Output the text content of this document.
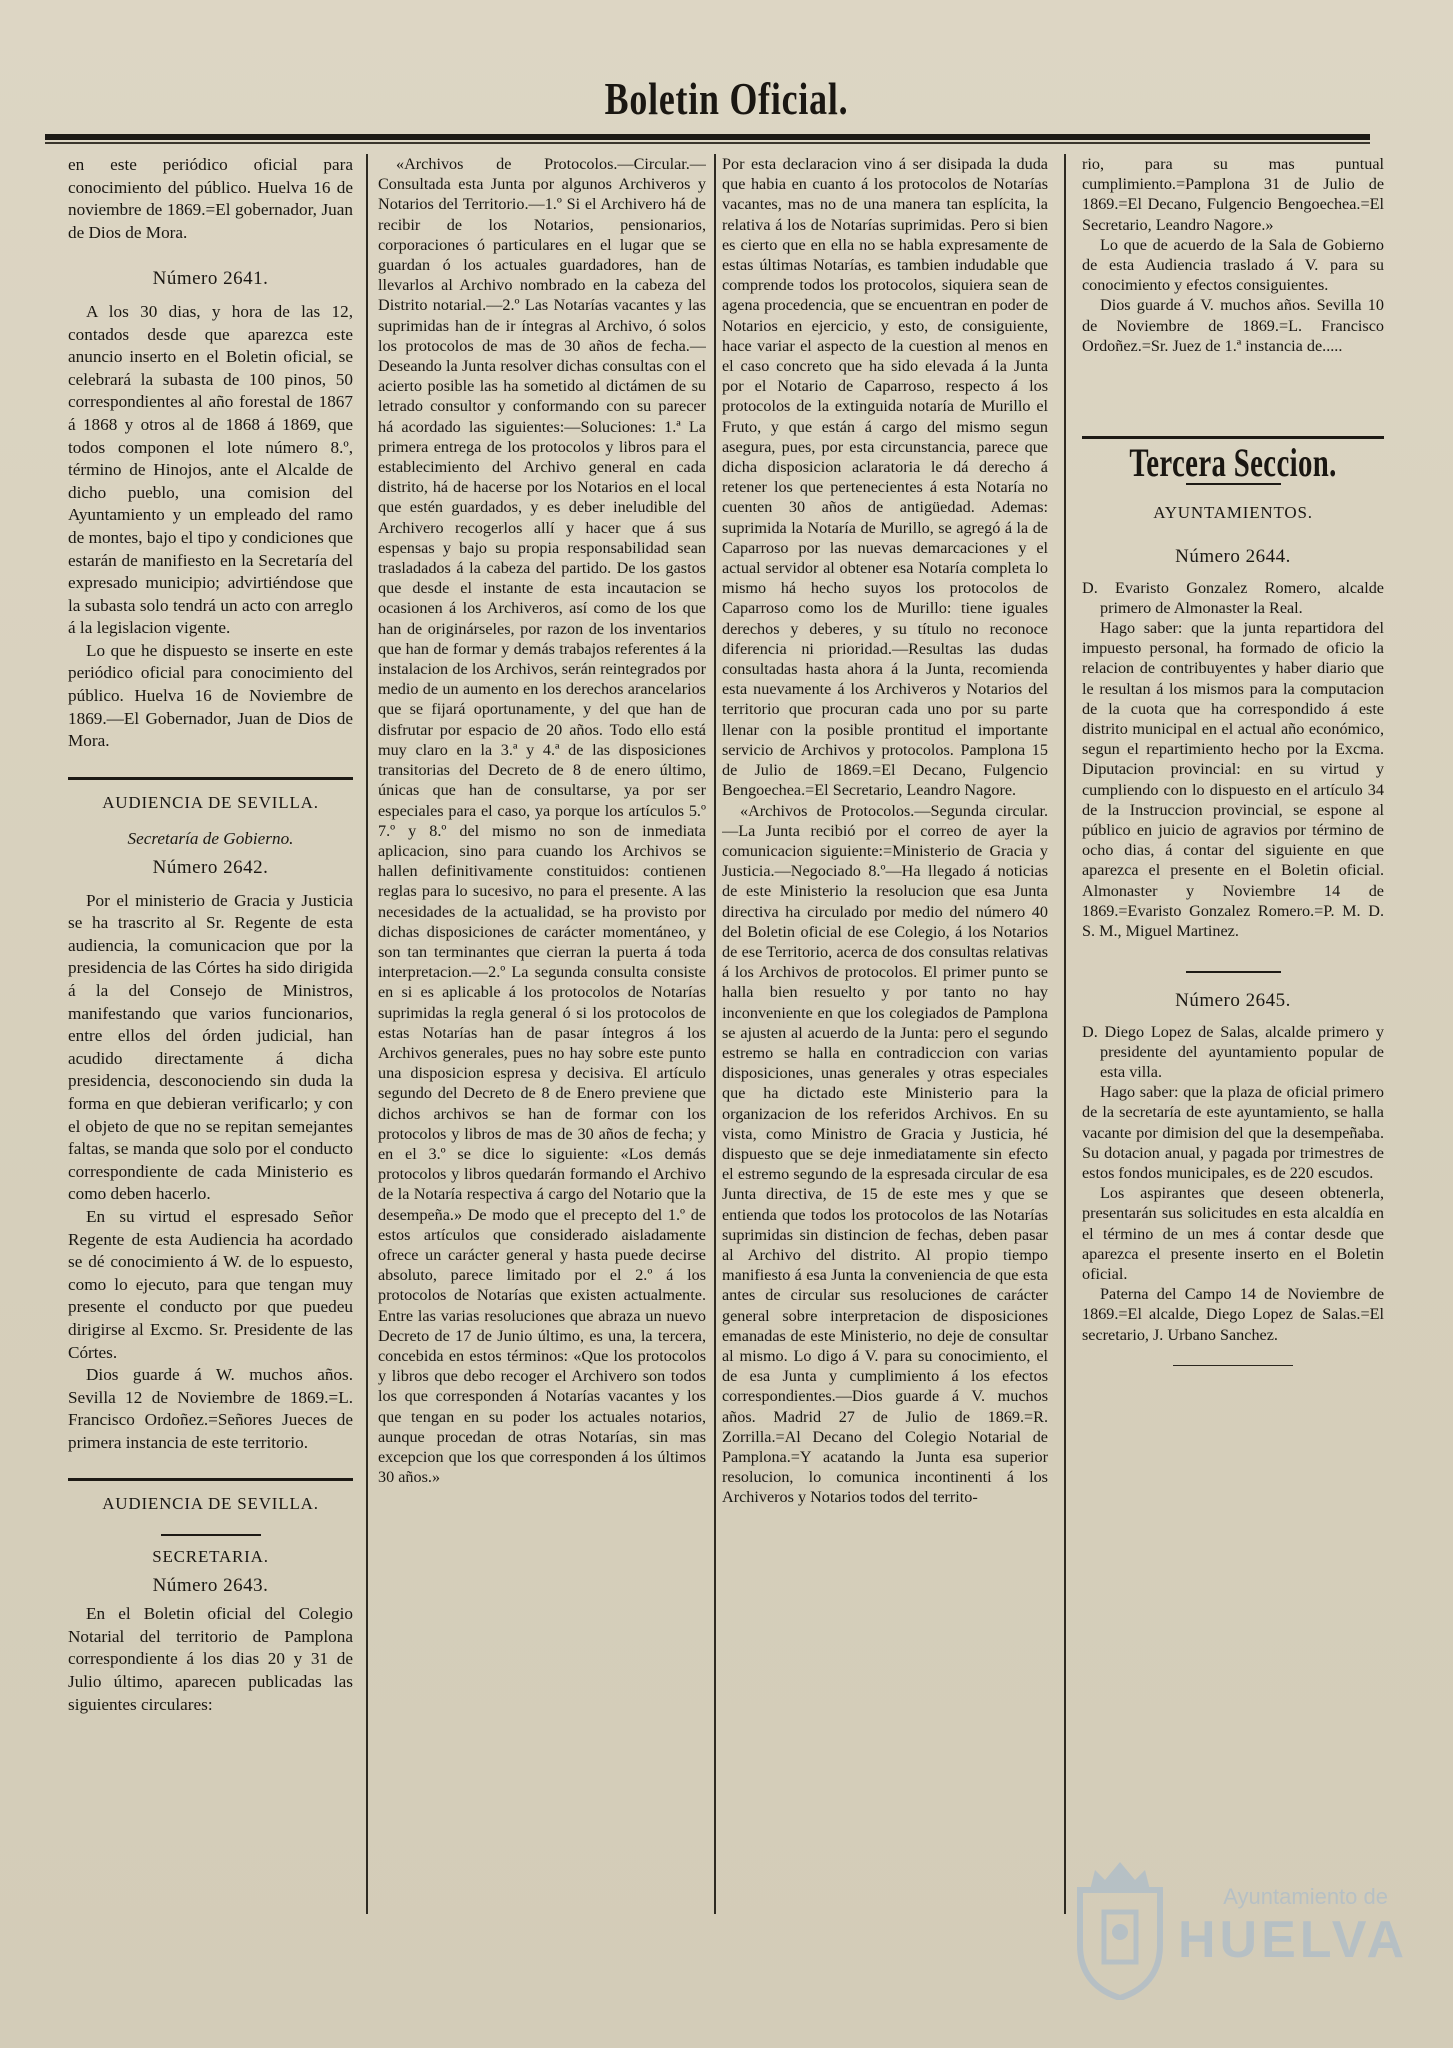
Boletin Oficial.

en este periódico oficial para conocimiento del público. Huelva 16 de noviembre de 1869.=El gobernador, Juan de Dios de Mora.

Número 2641.

A los 30 dias, y hora de las 12, contados desde que aparezca este anuncio inserto en el Boletin oficial, se celebrará la subasta de 100 pinos, 50 correspondientes al año forestal de 1867 á 1868 y otros al de 1868 á 1869, que todos componen el lote número 8.º, término de Hinojos, ante el Alcalde de dicho pueblo, una comision del Ayuntamiento y un empleado del ramo de montes, bajo el tipo y condiciones que estarán de manifiesto en la Secretaría del expresado municipio; advirtiéndose que la subasta solo tendrá un acto con arreglo á la legislacion vigente.

Lo que he dispuesto se inserte en este periódico oficial para conocimiento del público. Huelva 16 de Noviembre de 1869.—El Gobernador, Juan de Dios de Mora.

AUDIENCIA DE SEVILLA.
Secretaría de Gobierno.
Número 2642.

Por el ministerio de Gracia y Justicia se ha trascrito al Sr. Regente de esta audiencia, la comunicacion que por la presidencia de las Córtes ha sido dirigida á la del Consejo de Ministros, manifestando que varios funcionarios, entre ellos del órden judicial, han acudido directamente á dicha presidencia, desconociendo sin duda la forma en que debieran verificarlo; y con el objeto de que no se repitan semejantes faltas, se manda que solo por el conducto correspondiente de cada Ministerio es como deben hacerlo.

En su virtud el espresado Señor Regente de esta Audiencia ha acordado se dé conocimiento á W. de lo espuesto, como lo ejecuto, para que tengan muy presente el conducto por que puedeu dirigirse al Excmo. Sr. Presidente de las Córtes.

Dios guarde á W. muchos años. Sevilla 12 de Noviembre de 1869.=L. Francisco Ordoñez.=Señores Jueces de primera instancia de este territorio.

AUDIENCIA DE SEVILLA.
SECRETARIA.
Número 2643.

En el Boletin oficial del Colegio Notarial del territorio de Pamplona correspondiente á los dias 20 y 31 de Julio último, aparecen publicadas las siguientes circulares:

«Archivos de Protocolos.—Circular.—Consultada esta Junta por algunos Archiveros y Notarios del Territorio.—1.º Si el Archivero há de recibir de los Notarios, pensionarios, corporaciones ó particulares en el lugar que se guardan ó los actuales guardadores, han de llevarlos al Archivo nombrado en la cabeza del Distrito notarial.—2.º Las Notarías vacantes y las suprimidas han de ir íntegras al Archivo, ó solos los protocolos de mas de 30 años de fecha.—Deseando la Junta resolver dichas consultas con el acierto posible las ha sometido al dictámen de su letrado consultor y conformando con su parecer há acordado las siguientes:—Soluciones: 1.ª La primera entrega de los protocolos y libros para el establecimiento del Archivo general en cada distrito, há de hacerse por los Notarios en el local que estén guardados, y es deber ineludible del Archivero recogerlos allí y hacer que á sus espensas y bajo su propia responsabilidad sean trasladados á la cabeza del partido. De los gastos que desde el instante de esta incautacion se ocasionen á los Archiveros, así como de los que han de originárseles, por razon de los inventarios que han de formar y demás trabajos referentes á la instalacion de los Archivos, serán reintegrados por medio de un aumento en los derechos arancelarios que se fijará oportunamente, y del que han de disfrutar por espacio de 20 años. Todo ello está muy claro en la 3.ª y 4.ª de las disposiciones transitorias del Decreto de 8 de enero último, únicas que han de consultarse, ya por ser especiales para el caso, ya porque los artículos 5.º 7.º y 8.º del mismo no son de inmediata aplicacion, sino para cuando los Archivos se hallen definitivamente constituidos: contienen reglas para lo sucesivo, no para el presente. A las necesidades de la actualidad, se ha provisto por dichas disposiciones de carácter momentáneo, y son tan terminantes que cierran la puerta á toda interpretacion.—2.º La segunda consulta consiste en si es aplicable á los protocolos de Notarías suprimidas la regla general ó si los protocolos de estas Notarías han de pasar íntegros á los Archivos generales, pues no hay sobre este punto una disposicion espresa y decisiva. El artículo segundo del Decreto de 8 de Enero previene que dichos archivos se han de formar con los protocolos y libros de mas de 30 años de fecha; y en el 3.º se dice lo siguiente: «Los demás protocolos y libros quedarán formando el Archivo de la Notaría respectiva á cargo del Notario que la desempeña.» De modo que el precepto del 1.º de estos artículos que considerado aisladamente ofrece un carácter general y hasta puede decirse absoluto, parece limitado por el 2.º á los protocolos de Notarías que existen actualmente. Entre las varias resoluciones que abraza un nuevo Decreto de 17 de Junio último, es una, la tercera, concebida en estos términos: «Que los protocolos y libros que debo recoger el Archivero son todos los que corresponden á Notarías vacantes y los que tengan en su poder los actuales notarios, aunque procedan de otras Notarías, sin mas excepcion que los que corresponden á los últimos 30 años.»

Por esta declaracion vino á ser disipada la duda que habia en cuanto á los protocolos de Notarías vacantes, mas no de una manera tan esplícita, la relativa á los de Notarías suprimidas. Pero si bien es cierto que en ella no se habla expresamente de estas últimas Notarías, es tambien indudable que comprende todos los protocolos, siquiera sean de agena procedencia, que se encuentran en poder de Notarios en ejercicio, y esto, de consiguiente, hace variar el aspecto de la cuestion al menos en el caso concreto que ha sido elevada á la Junta por el Notario de Caparroso, respecto á los protocolos de la extinguida notaría de Murillo el Fruto, y que están á cargo del mismo segun asegura, pues, por esta circunstancia, parece que dicha disposicion aclaratoria le dá derecho á retener los que pertenecientes á esta Notaría no cuenten 30 años de antigüedad. Ademas: suprimida la Notaría de Murillo, se agregó á la de Caparroso por las nuevas demarcaciones y el actual servidor al obtener esa Notaría completa lo mismo há hecho suyos los protocolos de Caparroso como los de Murillo: tiene iguales derechos y deberes, y su título no reconoce diferencia ni prioridad.—Resultas las dudas consultadas hasta ahora á la Junta, recomienda esta nuevamente á los Archiveros y Notarios del territorio que procuran cada uno por su parte llenar con la posible prontitud el importante servicio de Archivos y protocolos. Pamplona 15 de Julio de 1869.=El Decano, Fulgencio Bengoechea.=El Secretario, Leandro Nagore.

«Archivos de Protocolos.—Segunda circular.—La Junta recibió por el correo de ayer la comunicacion siguiente:=Ministerio de Gracia y Justicia.—Negociado 8.º—Ha llegado á noticias de este Ministerio la resolucion que esa Junta directiva ha circulado por medio del número 40 del Boletin oficial de ese Colegio, á los Notarios de ese Territorio, acerca de dos consultas relativas á los Archivos de protocolos. El primer punto se halla bien resuelto y por tanto no hay inconveniente en que los colegiados de Pamplona se ajusten al acuerdo de la Junta: pero el segundo estremo se halla en contradiccion con varias disposiciones, unas generales y otras especiales que ha dictado este Ministerio para la organizacion de los referidos Archivos. En su vista, como Ministro de Gracia y Justicia, hé dispuesto que se deje inmediatamente sin efecto el estremo segundo de la espresada circular de esa Junta directiva, de 15 de este mes y que se entienda que todos los protocolos de las Notarías suprimidas sin distincion de fechas, deben pasar al Archivo del distrito. Al propio tiempo manifiesto á esa Junta la conveniencia de que esta antes de circular sus resoluciones de carácter general sobre interpretacion de disposiciones emanadas de este Ministerio, no deje de consultar al mismo. Lo digo á V. para su conocimiento, el de esa Junta y cumplimiento á los efectos correspondientes.—Dios guarde á V. muchos años. Madrid 27 de Julio de 1869.=R. Zorrilla.=Al Decano del Colegio Notarial de Pamplona.=Y acatando la Junta esa superior resolucion, lo comunica incontinenti á los Archiveros y Notarios todos del territo-

rio, para su mas puntual cumplimiento.=Pamplona 31 de Julio de 1869.=El Decano, Fulgencio Bengoechea.=El Secretario, Leandro Nagore.»

Lo que de acuerdo de la Sala de Gobierno de esta Audiencia traslado á V. para su conocimiento y efectos consiguientes.

Dios guarde á V. muchos años. Sevilla 10 de Noviembre de 1869.=L. Francisco Ordoñez.=Sr. Juez de 1.ª instancia de.....

Tercera Seccion.
AYUNTAMIENTOS.
Número 2644.

D. Evaristo Gonzalez Romero, alcalde primero de Almonaster la Real.

Hago saber: que la junta repartidora del impuesto personal, ha formado de oficio la relacion de contribuyentes y haber diario que le resultan á los mismos para la computacion de la cuota que ha correspondido á este distrito municipal en el actual año económico, segun el repartimiento hecho por la Excma. Diputacion provincial: en su virtud y cumpliendo con lo dispuesto en el artículo 34 de la Instruccion provincial, se espone al público en juicio de agravios por término de ocho dias, á contar del siguiente en que aparezca el presente en el Boletin oficial. Almonaster y Noviembre 14 de 1869.=Evaristo Gonzalez Romero.=P. M. D. S. M., Miguel Martinez.

Número 2645.

D. Diego Lopez de Salas, alcalde primero y presidente del ayuntamiento popular de esta villa.

Hago saber: que la plaza de oficial primero de la secretaría de este ayuntamiento, se halla vacante por dimision del que la desempeñaba. Su dotacion anual, y pagada por trimestres de estos fondos municipales, es de 220 escudos.

Los aspirantes que deseen obtenerla, presentarán sus solicitudes en esta alcaldía en el término de un mes á contar desde que aparezca el presente inserto en el Boletin oficial.

Paterna del Campo 14 de Noviembre de 1869.=El alcalde, Diego Lopez de Salas.=El secretario, J. Urbano Sanchez.

Ayuntamiento de
HUELVA
